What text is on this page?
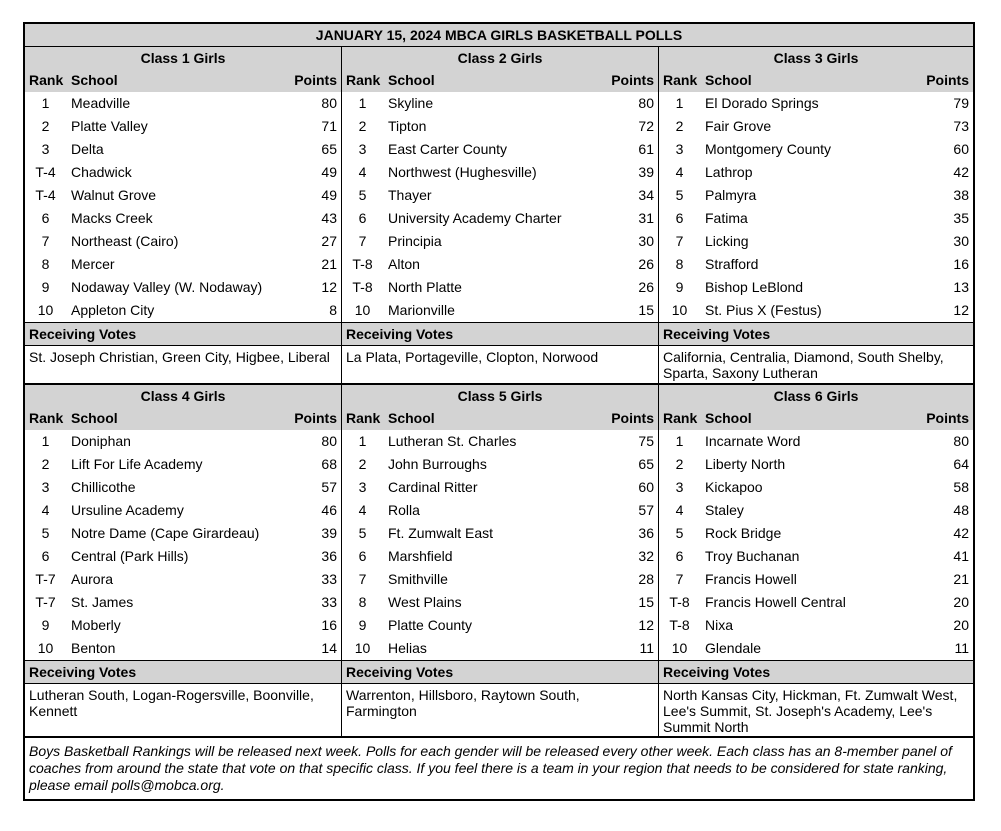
JANUARY 15, 2024 MBCA GIRLS BASKETBALL POLLS
Class 1 Girls
Rank School	Points
1	Meadville	80
2	Platte Valley	71
3	Delta	65
T-4	Chadwick	49
T-4	Walnut Grove	49
6	Macks Creek	43
7	Northeast (Cairo)	27
8	Mercer	21
9	Nodaway Valley (W. Nodaway)	12
10	Appleton City	8
Receiving Votes
St. Joseph Christian, Green City, Higbee, Liberal
Class 2 Girls
Rank School	Points
1	Skyline	80
2	Tipton	72
3	East Carter County	61
4	Northwest (Hughesville)	39
5	Thayer	34
6	University Academy Charter	31
7	Principia	30
T-8	Alton	26
T-8	North Platte	26
10	Marionville	15
Receiving Votes
La Plata, Portageville, Clopton, Norwood
Class 3 Girls
Rank School	Points
1	El Dorado Springs	79
2	Fair Grove	73
3	Montgomery County	60
4	Lathrop	42
5	Palmyra	38
6	Fatima	35
7	Licking	30
8	Strafford	16
9	Bishop LeBlond	13
10	St. Pius X (Festus)	12
Receiving Votes
California, Centralia, Diamond, South Shelby, Sparta, Saxony Lutheran
Class 4 Girls
Rank School	Points
1	Doniphan	80
2	Lift For Life Academy	68
3	Chillicothe	57
4	Ursuline Academy	46
5	Notre Dame (Cape Girardeau)	39
6	Central (Park Hills)	36
T-7	Aurora	33
T-7	St. James	33
9	Moberly	16
10	Benton	14
Receiving Votes
Lutheran South, Logan-Rogersville, Boonville, Kennett
Class 5 Girls
Rank School	Points
1	Lutheran St. Charles	75
2	John Burroughs	65
3	Cardinal Ritter	60
4	Rolla	57
5	Ft. Zumwalt East	36
6	Marshfield	32
7	Smithville	28
8	West Plains	15
9	Platte County	12
10	Helias	11
Receiving Votes
Warrenton, Hillsboro, Raytown South, Farmington
Class 6 Girls
Rank School	Points
1	Incarnate Word	80
2	Liberty North	64
3	Kickapoo	58
4	Staley	48
5	Rock Bridge	42
6	Troy Buchanan	41
7	Francis Howell	21
T-8	Francis Howell Central	20
T-8	Nixa	20
10	Glendale	11
Receiving Votes
North Kansas City, Hickman, Ft. Zumwalt West, Lee's Summit, St. Joseph's Academy, Lee's Summit North
Boys Basketball Rankings will be released next week. Polls for each gender will be released every other week. Each class has an 8-member panel of coaches from around the state that vote on that specific class. If you feel there is a team in your region that needs to be considered for state ranking, please email polls@mobca.org.
